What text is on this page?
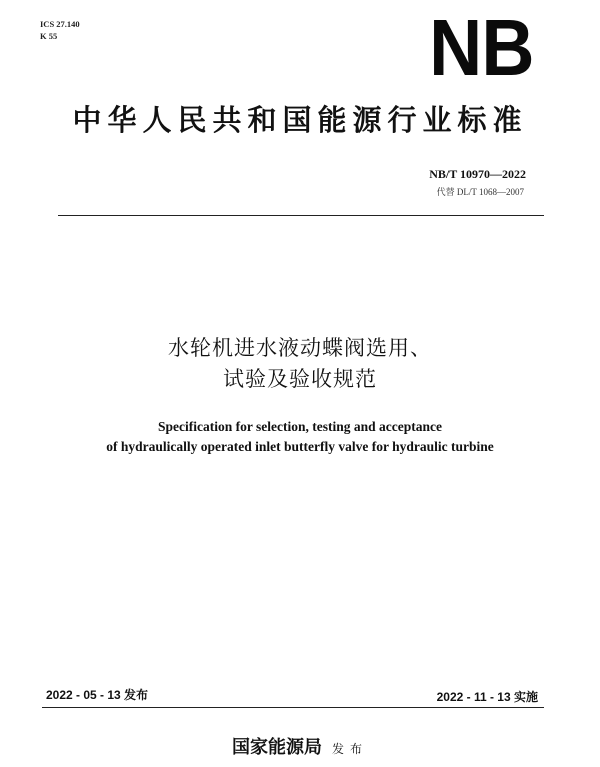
ICS 27.140
K 55	NB
中华人民共和国能源行业标准
NB/T 10970—2022
代替 DL/T 1068—2007
水轮机进水液动蝶阀选用、
试验及验收规范
Specification for selection, testing and acceptance
of hydraulically operated inlet butterfly valve for hydraulic turbine
2022 - 05 - 13 发布	2022 - 11 - 13 实施
国家能源局 发布
